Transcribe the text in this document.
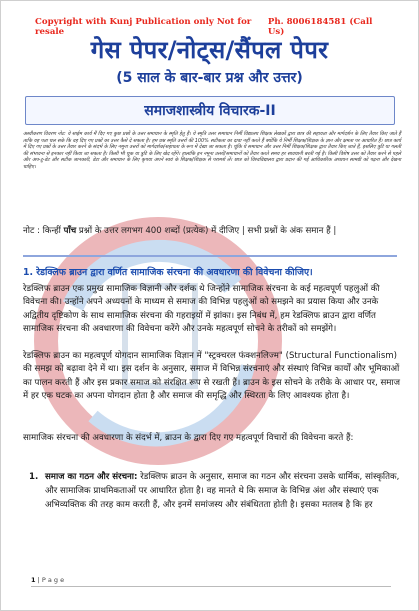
Copyright with Kunj Publication only Not for resale
Ph. 8006184581 (Call Us)
गेस पेपर/नोट्स/सैंपल पेपर
(5 साल के बार-बार प्रश्न और उत्तर)
समाजशास्त्रीय विचारक-II
अस्वीकरण विवरण नोट: ये साईम कार्य मैं दिए गए कुछ प्रश्नों के उत्तर समाधान के स्मृति हेतु हैं। ये स्मृति उत्तर समाधान निर्मी विद्यालय शिक्षक लेखकों द्वारा छात्र की सहायता और मार्गदर्शन के लिए तैयार किए जाते हैं ताकि यह पता चल सके कि वह दिए गए प्रश्नों का उत्तर कैसे दे सकता है। हम प्रश्न स्मृति उत्तरों की 100% सटीकता का दावा नहीं करते हैं क्योंकि ये निर्मी शिक्षक/शिक्षक के ज्ञान और क्षमता पर आधारित हैं। छात्र कार्य में दिए गए प्रश्नों के उत्तर तैयार करने के संदर्भ के लिए नमूना उत्तरों को मार्गदर्शक/सहायता के रूप में देखा जा सकता है। चूंकि ये समाधान और उत्तर निर्मी शिक्षक/शिक्षक द्वारा तैयार किए जाते हैं, इसलिए त्रुटि या गलती की संभावना से इनकार नहीं किया जा सकता है। किसी भी चूक या त्रुटि के लिए खेद रहेंगे। हालांकि इन नमूना उत्तरों/समाधानों को तैयार करते समय हर सावधानी बरती गई है। किसी विशेष उत्तर को तैयार करने से पहले और अप-टू-डेट और सटीक जानकारी, डेटा और समाधान के लिए कृपया अपने स्वयं के शिक्षक/शिक्षक से परामर्श लें। छात्र को विश्वविद्यालय द्वारा प्रदान की गई आधिकारिक अध्ययन सामग्री को पढ़ना और देखना चाहिए।
नोट : किन्हीं पाँच प्रश्नों के उत्तर लगभग 400 शब्दों (प्रत्येक) में दीजिए | सभी प्रश्नों के अंक समान हैं |
1. रेडक्लिफ ब्राउन द्वारा वर्णित सामाजिक संरचना की अवधारणा की विवेचना कीजिए।
रेडक्लिफ ब्राउन एक प्रमुख सामाजिक विज्ञानी और दर्शक थे जिन्होंने सामाजिक संरचना के कई महत्वपूर्ण पहलुओं की विवेचना की। उन्होंने अपने अध्ययनों के माध्यम से समाज की विभिन्न पहलुओं को समझने का प्रयास किया और उनके अद्वितीय दृष्टिकोण के साथ सामाजिक संरचना की गहराइयों में झांका। इस निबंध में, हम रेडक्लिफ ब्राउन द्वारा वर्णित सामाजिक संरचना की अवधारणा की विवेचना करेंगे और उनके महत्वपूर्ण सोचने के तरीकों को समझेंगे।
रेडक्लिफ ब्राउन का महत्वपूर्ण योगदान सामाजिक विज्ञान में "स्ट्रक्चरल फंक्शनलिज्म" (Structural Functionalism) की समझ को बढ़ावा देने में था। इस दर्शन के अनुसार, समाज में विभिन्न संरचनाएं और संस्थाएं विभिन्न कार्यों और भूमिकाओं का पालन करती हैं और इस प्रकार समाज को संरक्षित रूप से रखती हैं। ब्राउन के इस सोचने के तरीके के आधार पर, समाज में हर एक घटक का अपना योगदान होता है और समाज की समृद्धि और स्थिरता के लिए आवश्यक होता है।
सामाजिक संरचना की अवधारणा के संदर्भ में, ब्राउन के द्वारा दिए गए महत्वपूर्ण विचारों की विवेचना करते हैं:
1. समाज का गठन और संरचना: रेडक्लिफ ब्राउन के अनुसार, समाज का गठन और संरचना उसके धार्मिक, सांस्कृतिक, और सामाजिक प्राथमिकताओं पर आधारित होता है। वह मानते थे कि समाज के विभिन्न अंश और संस्थाएं एक अभिव्यक्तिक की तरह काम करती हैं, और इनमें समांजस्य और संबंधितता होती है। इसका मतलब है कि हर
1 | P a g e
